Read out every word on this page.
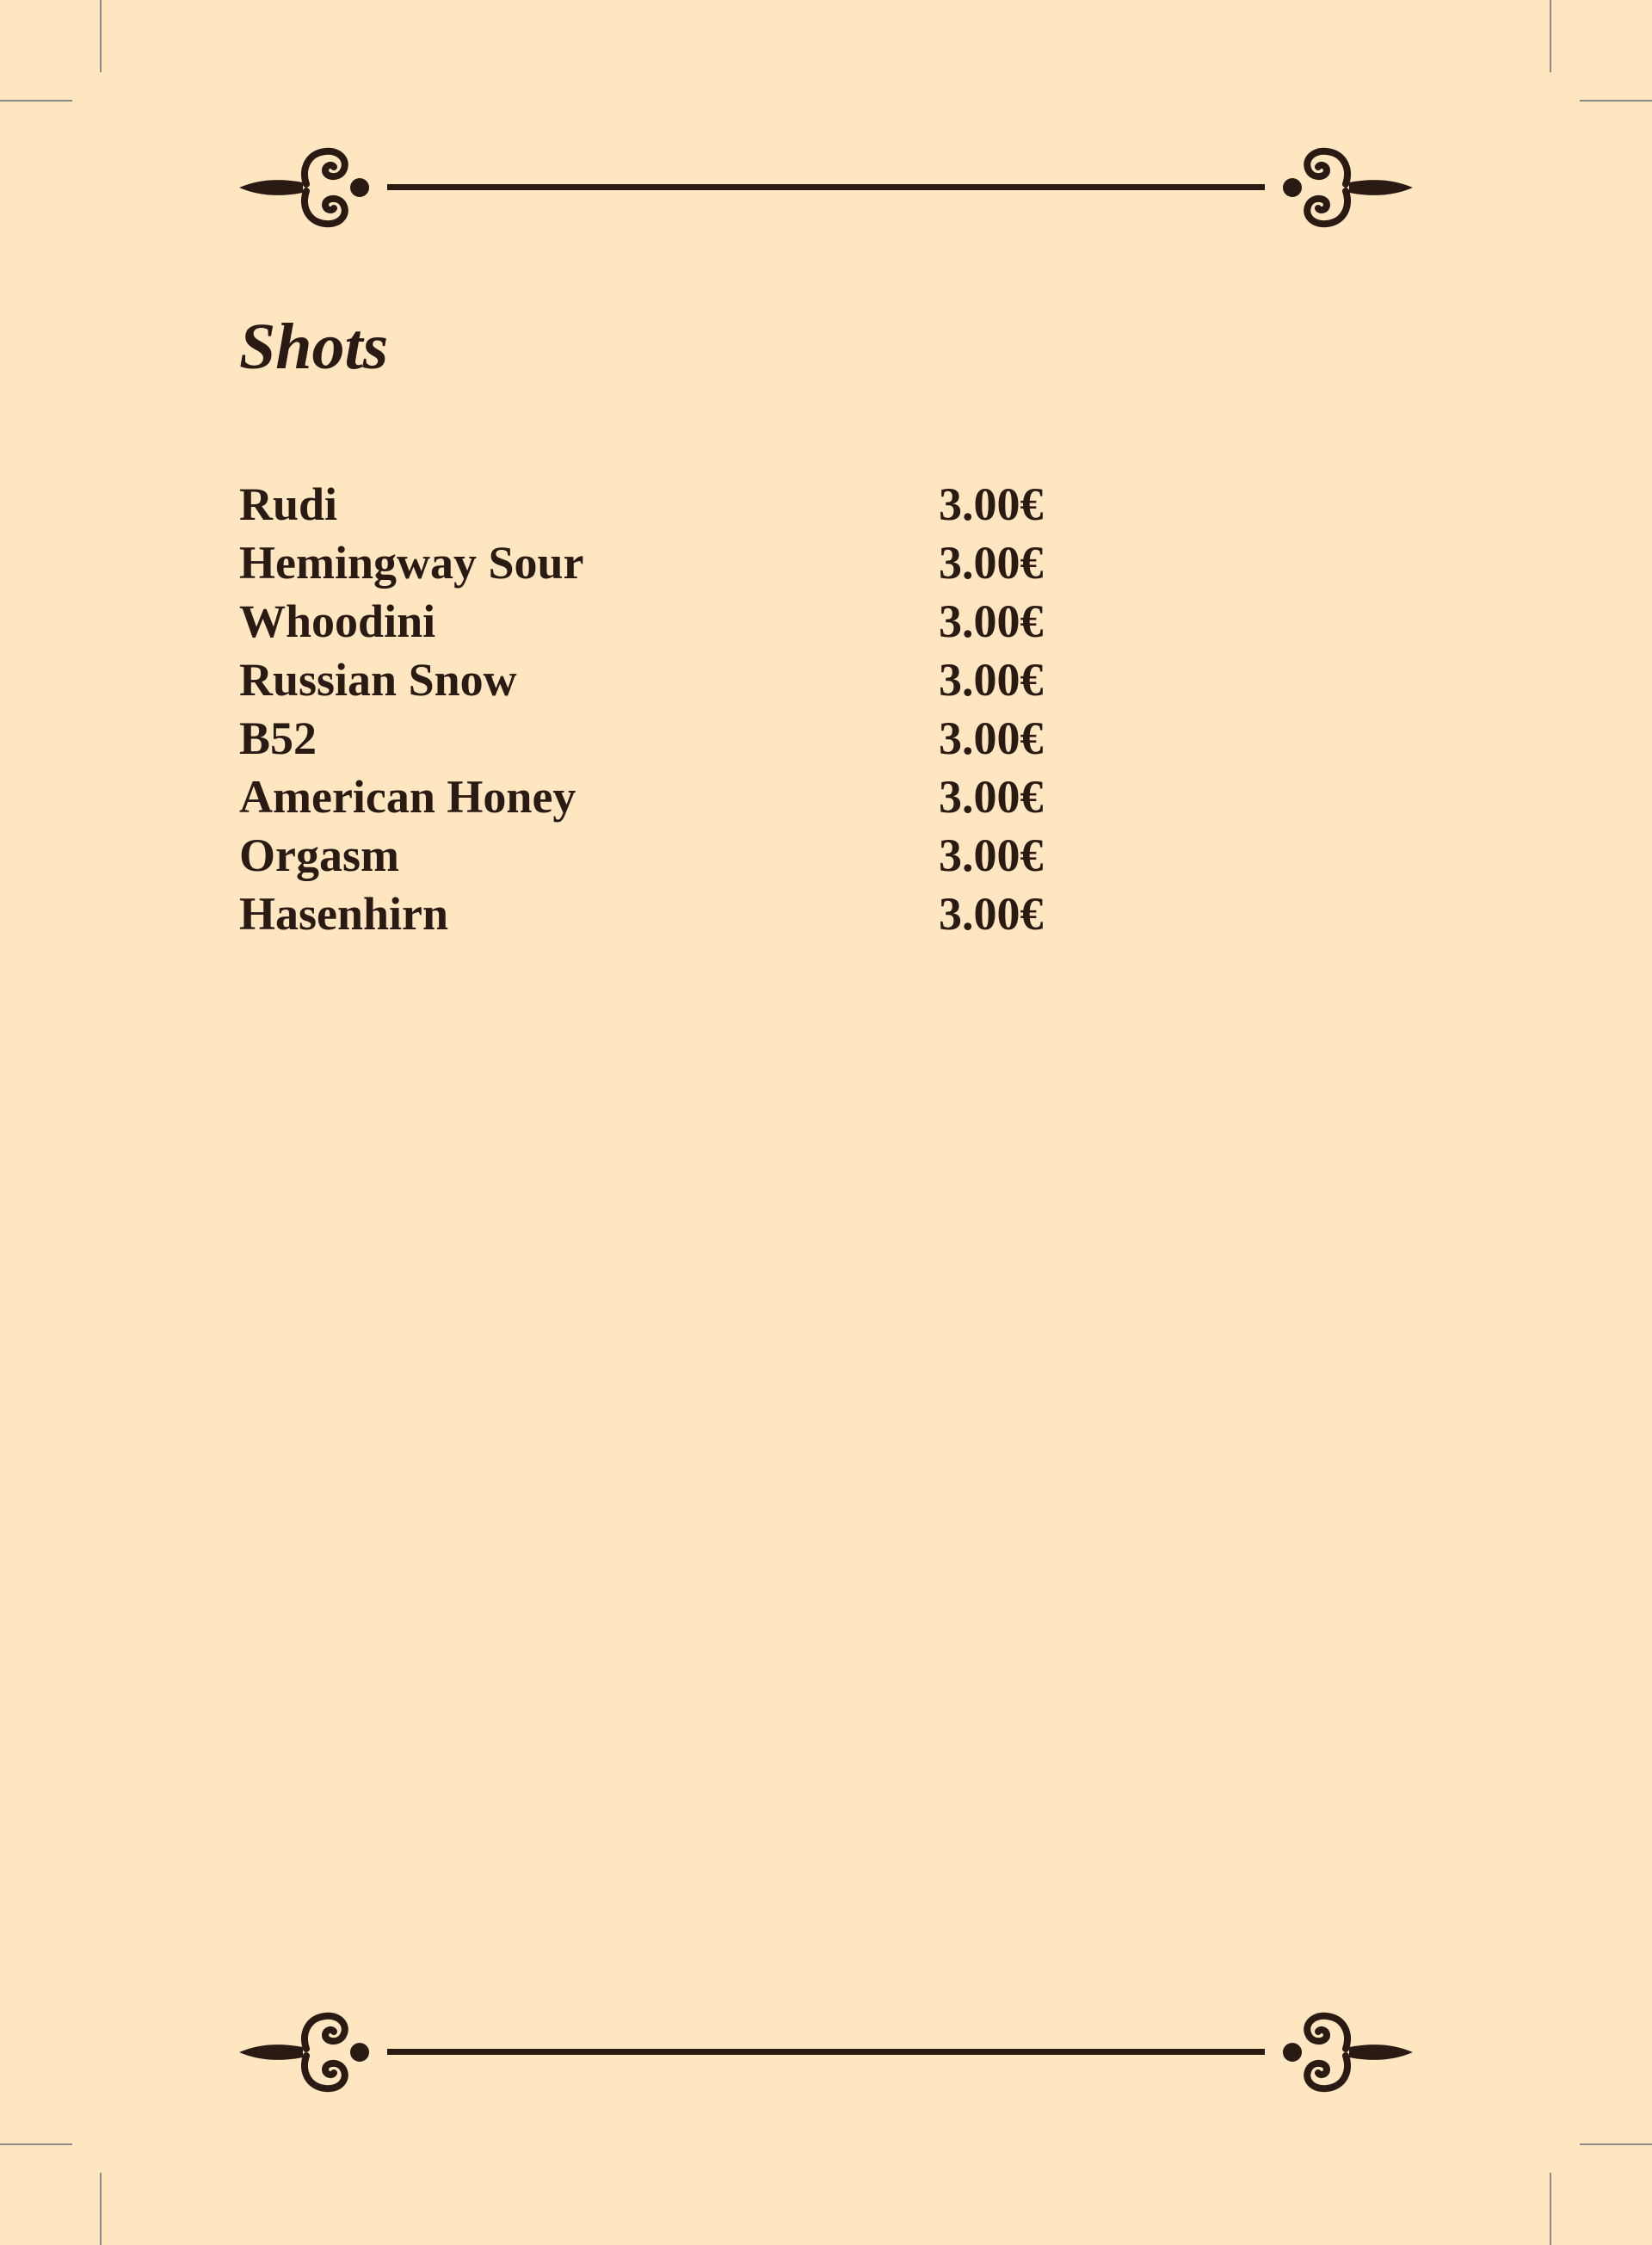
Shots
Rudi	3.00€
Hemingway Sour	3.00€
Whoodini	3.00€
Russian Snow	3.00€
B52	3.00€
American Honey	3.00€
Orgasm	3.00€
Hasenhirn	3.00€
